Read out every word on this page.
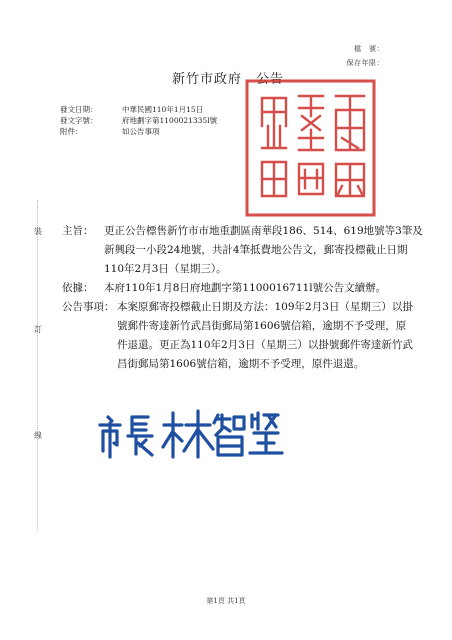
檔　號：
保存年限：
新竹市政府　公告
發文日期：	中華民國110年1月15日
發文字號：	府地劃字第1100021335l號
附件：	如公告事項
裝
訂
線
主旨： 更正公告標售新竹市市地重劃區南華段186、514、619地號等3筆及新興段一小段24地號，共計4筆抵費地公告文，郵寄投標截止日期110年2月3日（星期三）。
依據： 本府110年1月8日府地劃字第1100016711l號公告文續辦。
公告事項： 本案原郵寄投標截止日期及方法：109年2月3日（星期三）以掛號郵件寄達新竹武昌街郵局第1606號信箱，逾期不予受理，原件退還。更正為110年2月3日（星期三）以掛號郵件寄達新竹武昌街郵局第1606號信箱，逾期不予受理，原件退還。
第1頁 共1頁
